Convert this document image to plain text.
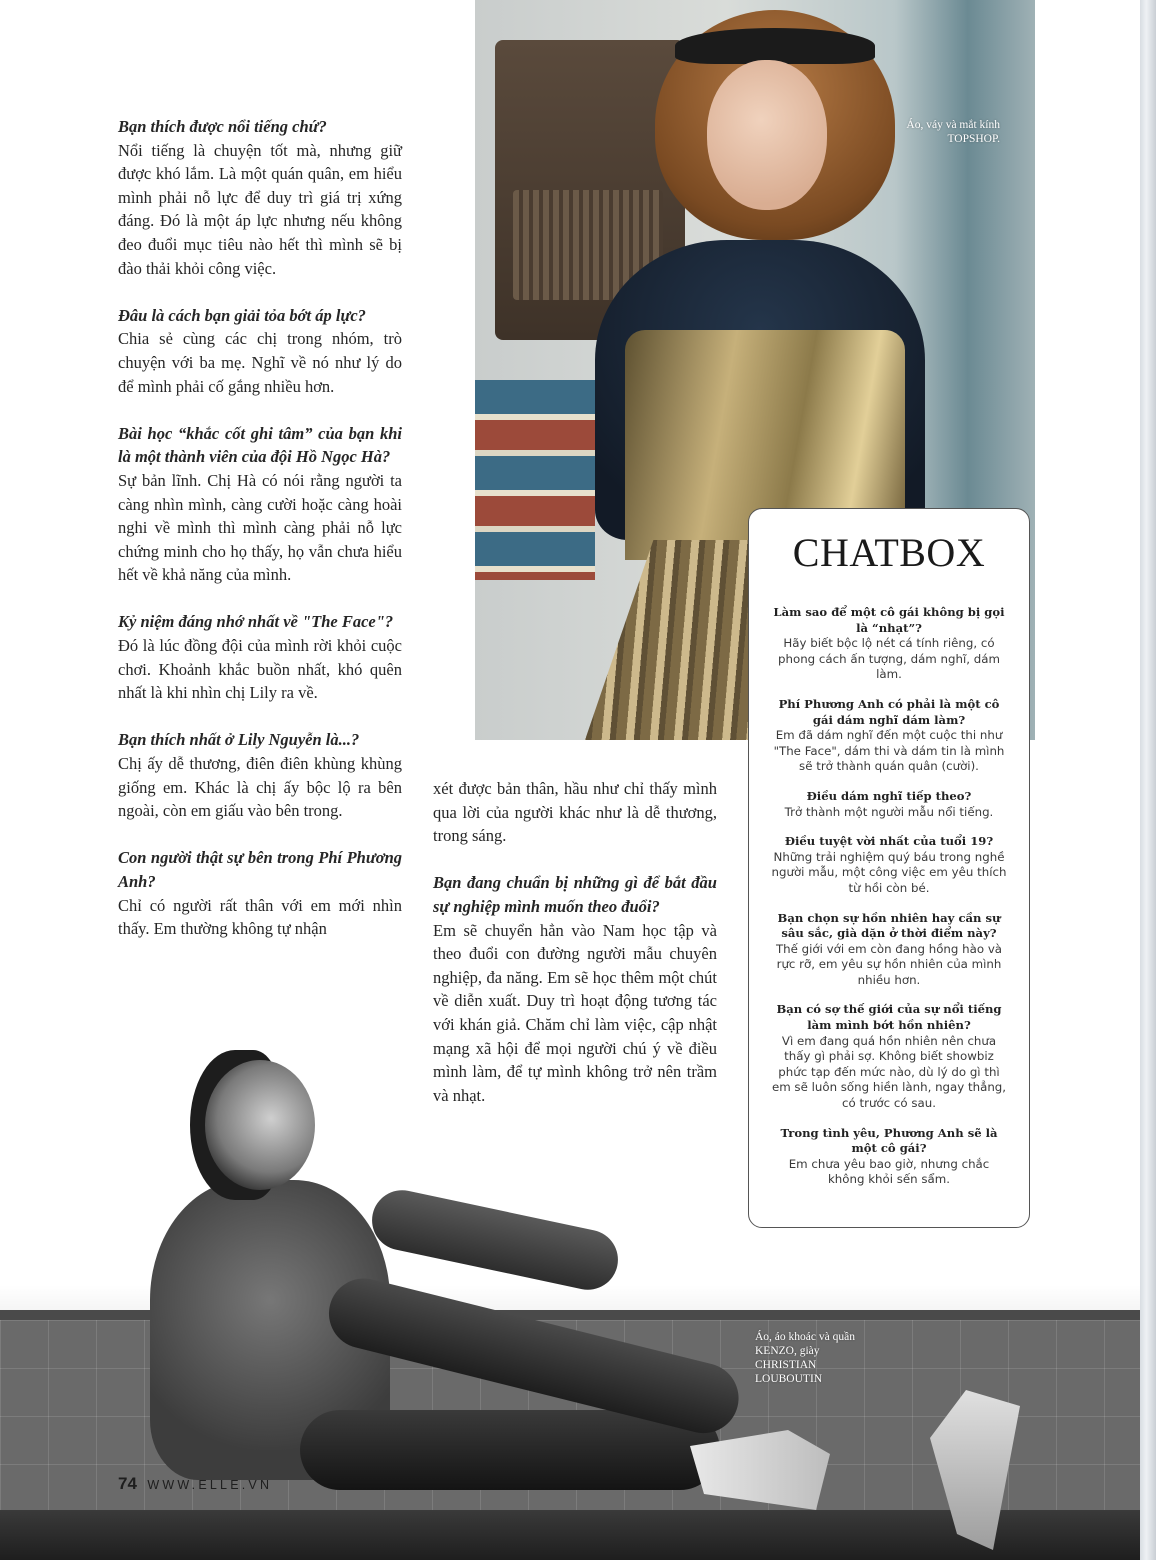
Áo, váy và mắt kính TOPSHOP.
Áo, áo khoác và quần KENZO, giày CHRISTIAN LOUBOUTIN

Bạn thích được nổi tiếng chứ?
Nổi tiếng là chuyện tốt mà, nhưng giữ được khó lắm. Là một quán quân, em hiểu mình phải nỗ lực để duy trì giá trị xứng đáng. Đó là một áp lực nhưng nếu không đeo đuổi mục tiêu nào hết thì mình sẽ bị đào thải khỏi công việc.

Đâu là cách bạn giải tỏa bớt áp lực?
Chia sẻ cùng các chị trong nhóm, trò chuyện với ba mẹ. Nghĩ về nó như lý do để mình phải cố gắng nhiều hơn.

Bài học “khắc cốt ghi tâm” của bạn khi là một thành viên của đội Hồ Ngọc Hà?
Sự bản lĩnh. Chị Hà có nói rằng người ta càng nhìn mình, càng cười hoặc càng hoài nghi về mình thì mình càng phải nỗ lực chứng minh cho họ thấy, họ vẫn chưa hiểu hết về khả năng của mình.

Kỷ niệm đáng nhớ nhất về "The Face"?
Đó là lúc đồng đội của mình rời khỏi cuộc chơi. Khoảnh khắc buồn nhất, khó quên nhất là khi nhìn chị Lily ra về.

Bạn thích nhất ở Lily Nguyễn là...?
Chị ấy dễ thương, điên điên khùng khùng giống em. Khác là chị ấy bộc lộ ra bên ngoài, còn em giấu vào bên trong.

Con người thật sự bên trong Phí Phương Anh?
Chỉ có người rất thân với em mới nhìn thấy. Em thường không tự nhận

xét được bản thân, hầu như chỉ thấy mình qua lời của người khác như là dễ thương, trong sáng.

Bạn đang chuẩn bị những gì để bắt đầu sự nghiệp mình muốn theo đuổi?
Em sẽ chuyển hẳn vào Nam học tập và theo đuổi con đường người mẫu chuyên nghiệp, đa năng. Em sẽ học thêm một chút về diễn xuất. Duy trì hoạt động tương tác với khán giả. Chăm chỉ làm việc, cập nhật mạng xã hội để mọi người chú ý về điều mình làm, để tự mình không trở nên trầm và nhạt.

CHATBOX
Làm sao để một cô gái không bị gọi là “nhạt”?
Hãy biết bộc lộ nét cá tính riêng, có phong cách ấn tượng, dám nghĩ, dám làm.
Phí Phương Anh có phải là một cô gái dám nghĩ dám làm?
Em đã dám nghĩ đến một cuộc thi như "The Face", dám thi và dám tin là mình sẽ trở thành quán quân (cười).
Điều dám nghĩ tiếp theo?
Trở thành một người mẫu nổi tiếng.
Điều tuyệt vời nhất của tuổi 19?
Những trải nghiệm quý báu trong nghề người mẫu, một công việc em yêu thích từ hồi còn bé.
Bạn chọn sự hồn nhiên hay cần sự sâu sắc, già dặn ở thời điểm này?
Thế giới với em còn đang hồng hào và rực rỡ, em yêu sự hồn nhiên của mình nhiều hơn.
Bạn có sợ thế giới của sự nổi tiếng làm mình bớt hồn nhiên?
Vì em đang quá hồn nhiên nên chưa thấy gì phải sợ. Không biết showbiz phức tạp đến mức nào, dù lý do gì thì em sẽ luôn sống hiền lành, ngay thẳng, có trước có sau.
Trong tình yêu, Phương Anh sẽ là một cô gái?
Em chưa yêu bao giờ, nhưng chắc không khỏi sến sẩm.
74 WWW.ELLE.VN
